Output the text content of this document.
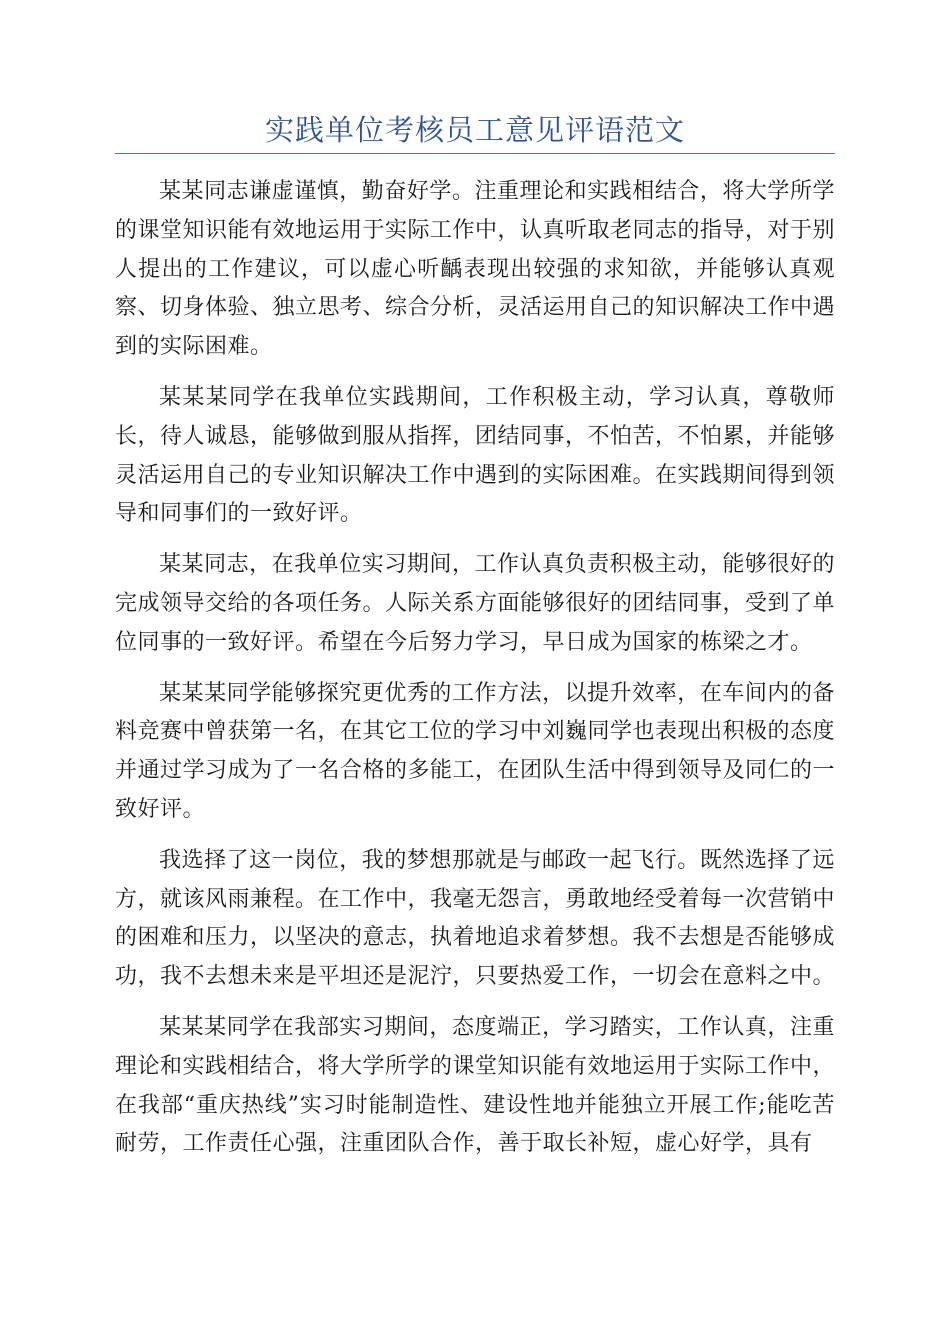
实践单位考核员工意见评语范文

某某同志谦虚谨慎，勤奋好学。注重理论和实践相结合，将大学所学的课堂知识能有效地运用于实际工作中，认真听取老同志的指导，对于别人提出的工作建议，可以虚心听齲表现出较强的求知欲，并能够认真观察、切身体验、独立思考、综合分析，灵活运用自己的知识解决工作中遇到的实际困难。

某某某同学在我单位实践期间，工作积极主动，学习认真，尊敬师长，待人诚恳，能够做到服从指挥，团结同事，不怕苦，不怕累，并能够灵活运用自己的专业知识解决工作中遇到的实际困难。在实践期间得到领导和同事们的一致好评。

某某同志，在我单位实习期间，工作认真负责积极主动，能够很好的完成领导交给的各项任务。人际关系方面能够很好的团结同事，受到了单位同事的一致好评。希望在今后努力学习，早日成为国家的栋梁之才。

某某某同学能够探究更优秀的工作方法，以提升效率，在车间内的备料竞赛中曾获第一名，在其它工位的学习中刘巍同学也表现出积极的态度并通过学习成为了一名合格的多能工，在团队生活中得到领导及同仁的一致好评。

我选择了这一岗位，我的梦想那就是与邮政一起飞行。既然选择了远方，就该风雨兼程。在工作中，我毫无怨言，勇敢地经受着每一次营销中的困难和压力，以坚决的意志，执着地追求着梦想。我不去想是否能够成功，我不去想未来是平坦还是泥泞，只要热爱工作，一切会在意料之中。

某某某同学在我部实习期间，态度端正，学习踏实，工作认真，注重理论和实践相结合，将大学所学的课堂知识能有效地运用于实际工作中，在我部“重庆热线”实习时能制造性、建设性地并能独立开展工作;能吃苦耐劳，工作责任心强，注重团队合作，善于取长补短，虚心好学，具有
